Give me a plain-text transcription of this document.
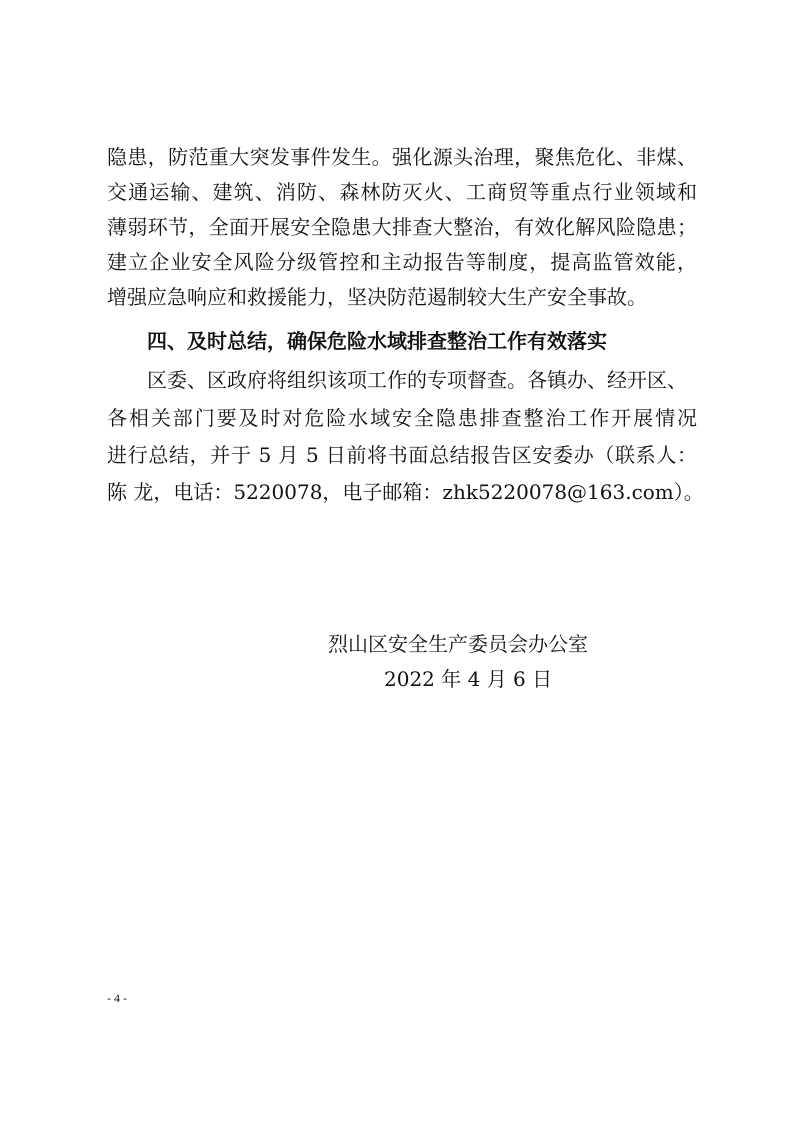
隐患，防范重大突发事件发生。强化源头治理，聚焦危化、非煤、
交通运输、建筑、消防、森林防灭火、工商贸等重点行业领域和
薄弱环节，全面开展安全隐患大排查大整治，有效化解风险隐患；
建立企业安全风险分级管控和主动报告等制度，提高监管效能，
增强应急响应和救援能力，坚决防范遏制较大生产安全事故。
四、及时总结，确保危险水域排查整治工作有效落实
区委、区政府将组织该项工作的专项督查。各镇办、经开区、
各相关部门要及时对危险水域安全隐患排查整治工作开展情况
进行总结，并于 5 月 5 日前将书面总结报告区安委办（联系人：
陈 龙，电话：5220078，电子邮箱：zhk5220078@163.com）。
烈山区安全生产委员会办公室
2022 年 4 月 6 日
- 4 -
